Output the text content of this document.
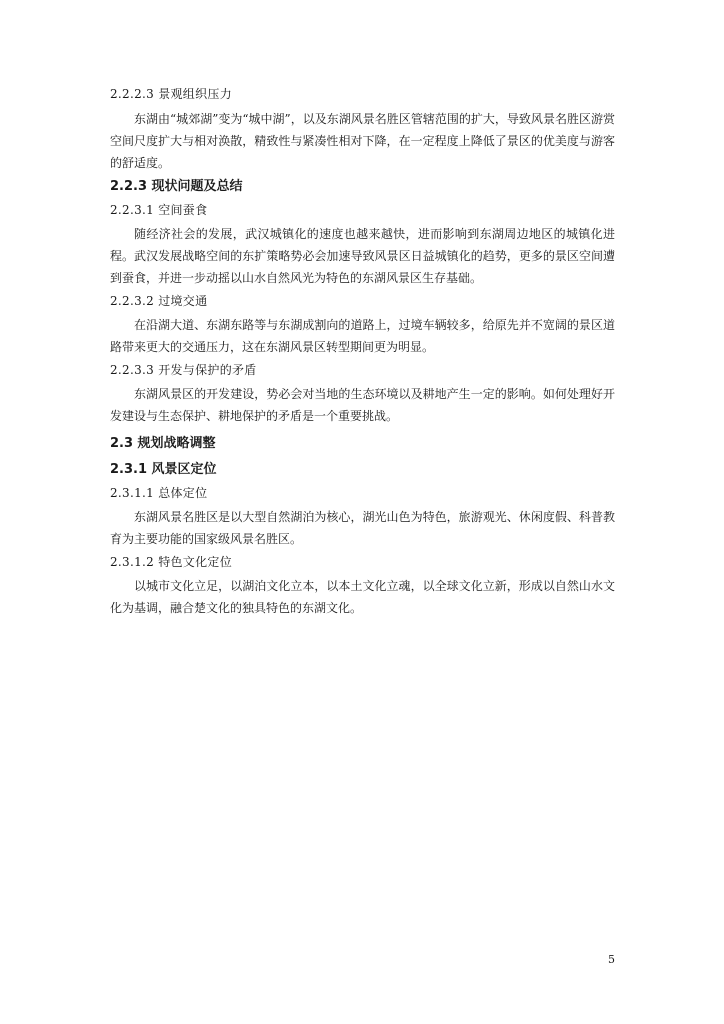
2.2.2.3 景观组织压力

东湖由“城郊湖”变为“城中湖”，以及东湖风景名胜区管辖范围的扩大，导致风景名胜区游赏空间尺度扩大与相对涣散，精致性与紧凑性相对下降，在一定程度上降低了景区的优美度与游客的舒适度。

2.2.3 现状问题及总结

2.2.3.1 空间蚕食

随经济社会的发展，武汉城镇化的速度也越来越快，进而影响到东湖周边地区的城镇化进程。武汉发展战略空间的东扩策略势必会加速导致风景区日益城镇化的趋势，更多的景区空间遭到蚕食，并进一步动摇以山水自然风光为特色的东湖风景区生存基础。

2.2.3.2 过境交通

在沿湖大道、东湖东路等与东湖成割向的道路上，过境车辆较多，给原先并不宽阔的景区道路带来更大的交通压力，这在东湖风景区转型期间更为明显。

2.2.3.3 开发与保护的矛盾

东湖风景区的开发建设，势必会对当地的生态环境以及耕地产生一定的影响。如何处理好开发建设与生态保护、耕地保护的矛盾是一个重要挑战。

2.3 规划战略调整

2.3.1 风景区定位

2.3.1.1 总体定位

东湖风景名胜区是以大型自然湖泊为核心，湖光山色为特色，旅游观光、休闲度假、科普教育为主要功能的国家级风景名胜区。

2.3.1.2 特色文化定位

以城市文化立足，以湖泊文化立本，以本土文化立魂，以全球文化立新，形成以自然山水文化为基调，融合楚文化的独具特色的东湖文化。

5
